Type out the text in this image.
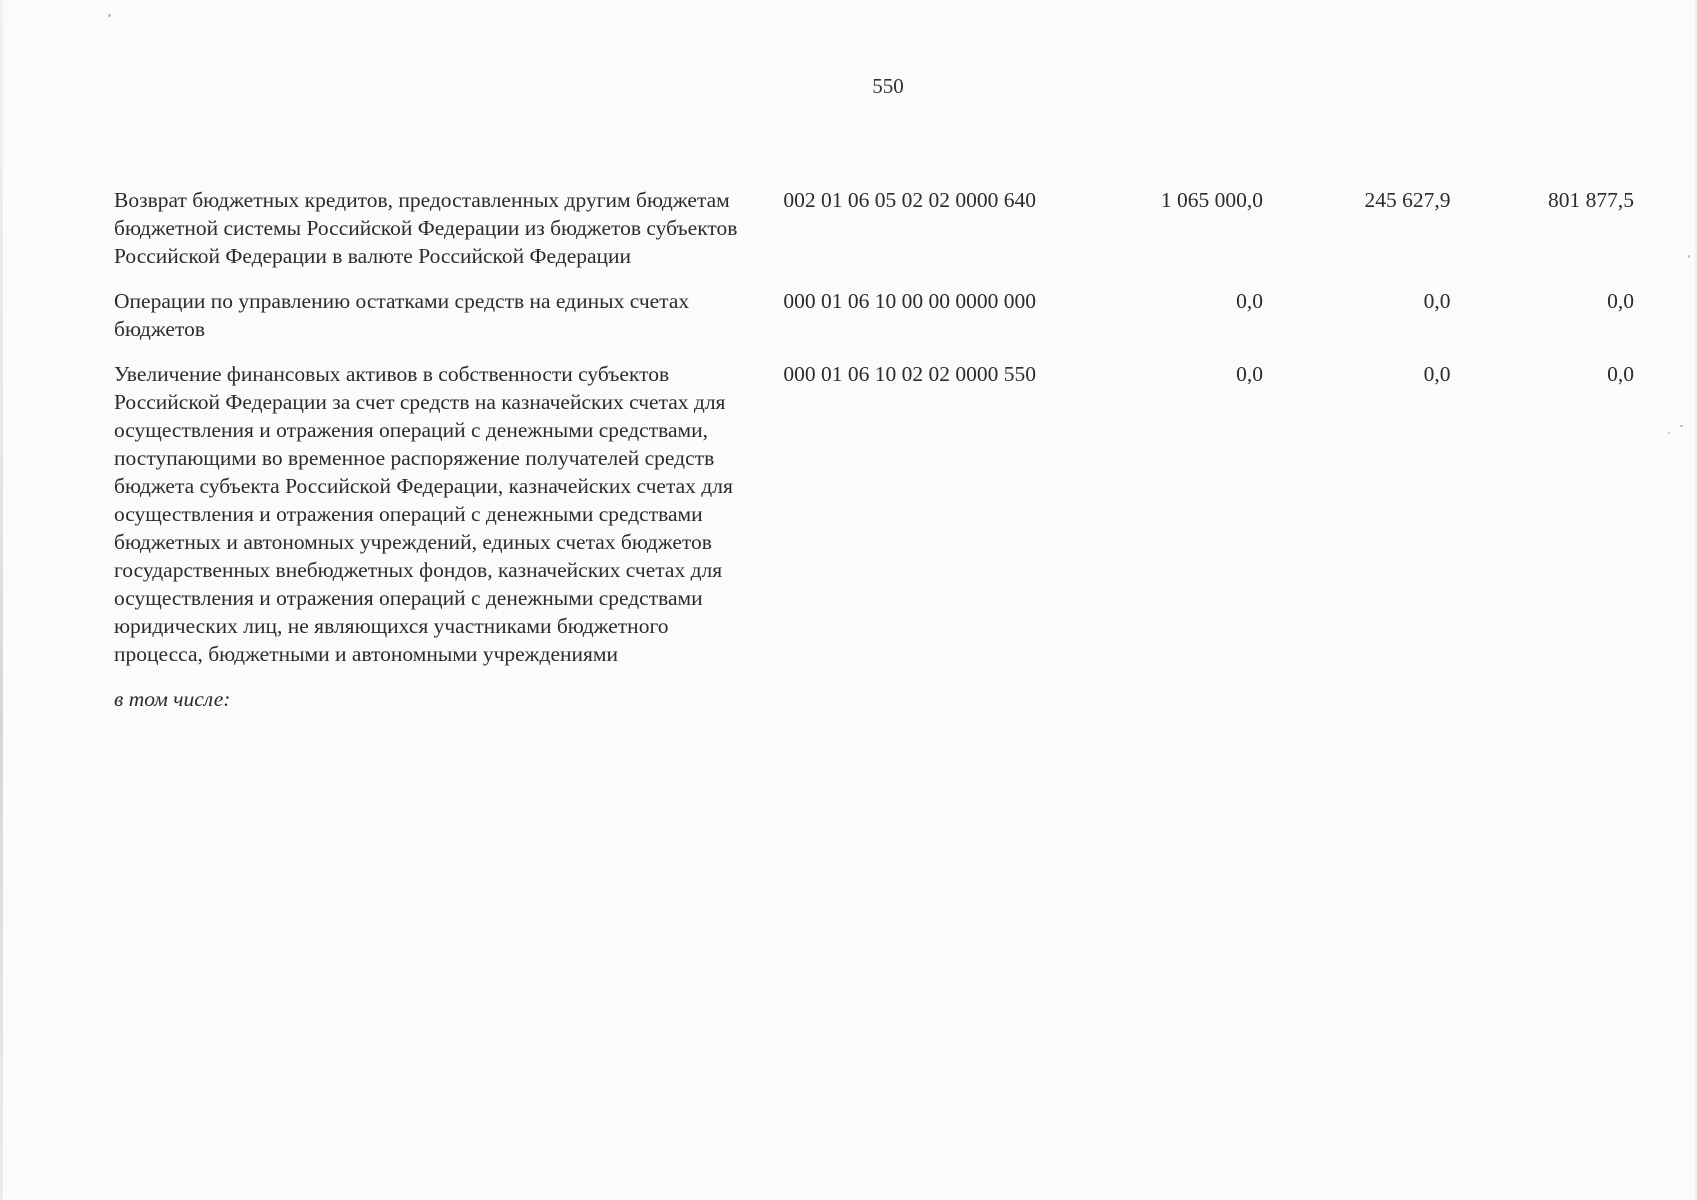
550
Возврат бюджетных кредитов, предоставленных другим бюджетам бюджетной системы Российской Федерации из бюджетов субъектов Российской Федерации в валюте Российской Федерации
002 01 06 05 02 02 0000 640	1 065 000,0	245 627,9	801 877,5
Операции по управлению остатками средств на единых счетах бюджетов
000 01 06 10 00 00 0000 000	0,0	0,0	0,0
Увеличение финансовых активов в собственности субъектов Российской Федерации за счет средств на казначейских счетах для осуществления и отражения операций с денежными средствами, поступающими во временное распоряжение получателей средств бюджета субъекта Российской Федерации, казначейских счетах для осуществления и отражения операций с денежными средствами бюджетных и автономных учреждений, единых счетах бюджетов государственных внебюджетных фондов, казначейских счетах для осуществления и отражения операций с денежными средствами юридических лиц, не являющихся участниками бюджетного процесса, бюджетными и автономными учреждениями
000 01 06 10 02 02 0000 550	0,0	0,0	0,0
в том числе:
